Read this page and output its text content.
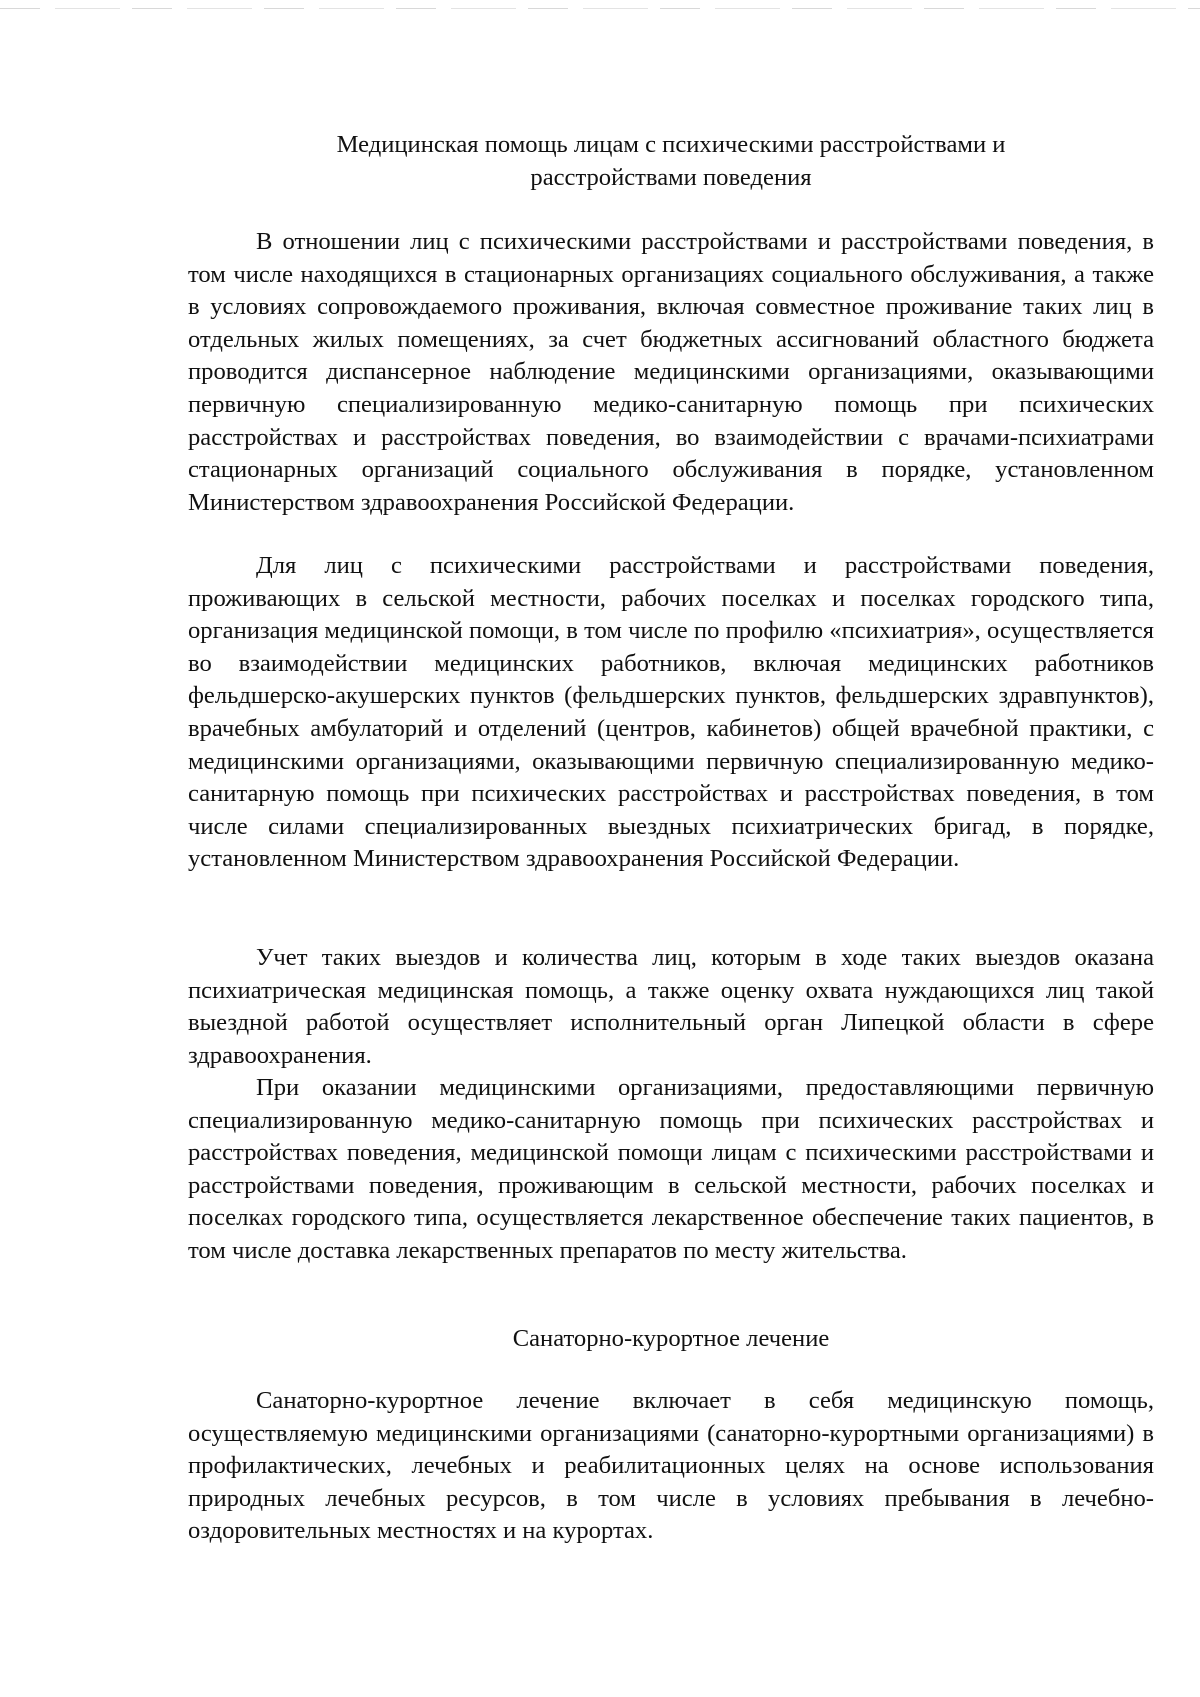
Медицинская помощь лицам с психическими расстройствами и
расстройствами поведения

В отношении лиц с психическими расстройствами и расстройствами поведения, в том числе находящихся в стационарных организациях социального обслуживания, а также в условиях сопровождаемого проживания, включая совместное проживание таких лиц в отдельных жилых помещениях, за счет бюджетных ассигнований областного бюджета проводится диспансерное наблюдение медицинскими организациями, оказывающими первичную специализированную медико-санитарную помощь при психических расстройствах и расстройствах поведения, во взаимодействии с врачами-психиатрами стационарных организаций социального обслуживания в порядке, установленном Министерством здравоохранения Российской Федерации.

Для лиц с психическими расстройствами и расстройствами поведения, проживающих в сельской местности, рабочих поселках и поселках городского типа, организация медицинской помощи, в том числе по профилю «психиатрия», осуществляется во взаимодействии медицинских работников, включая медицинских работников фельдшерско-акушерских пунктов (фельдшерских пунктов, фельдшерских здравпунктов), врачебных амбулаторий и отделений (центров, кабинетов) общей врачебной практики, с медицинскими организациями, оказывающими первичную специализированную медико-санитарную помощь при психических расстройствах и расстройствах поведения, в том числе силами специализированных выездных психиатрических бригад, в порядке, установленном Министерством здравоохранения Российской Федерации.

Учет таких выездов и количества лиц, которым в ходе таких выездов оказана психиатрическая медицинская помощь, а также оценку охвата нуждающихся лиц такой выездной работой осуществляет исполнительный орган Липецкой области в сфере здравоохранения.

При оказании медицинскими организациями, предоставляющими первичную специализированную медико-санитарную помощь при психических расстройствах и расстройствах поведения, медицинской помощи лицам с психическими расстройствами и расстройствами поведения, проживающим в сельской местности, рабочих поселках и поселках городского типа, осуществляется лекарственное обеспечение таких пациентов, в том числе доставка лекарственных препаратов по месту жительства.

Санаторно-курортное лечение

Санаторно-курортное лечение включает в себя медицинскую помощь, осуществляемую медицинскими организациями (санаторно-курортными организациями) в профилактических, лечебных и реабилитационных целях на основе использования природных лечебных ресурсов, в том числе в условиях пребывания в лечебно-оздоровительных местностях и на курортах.
